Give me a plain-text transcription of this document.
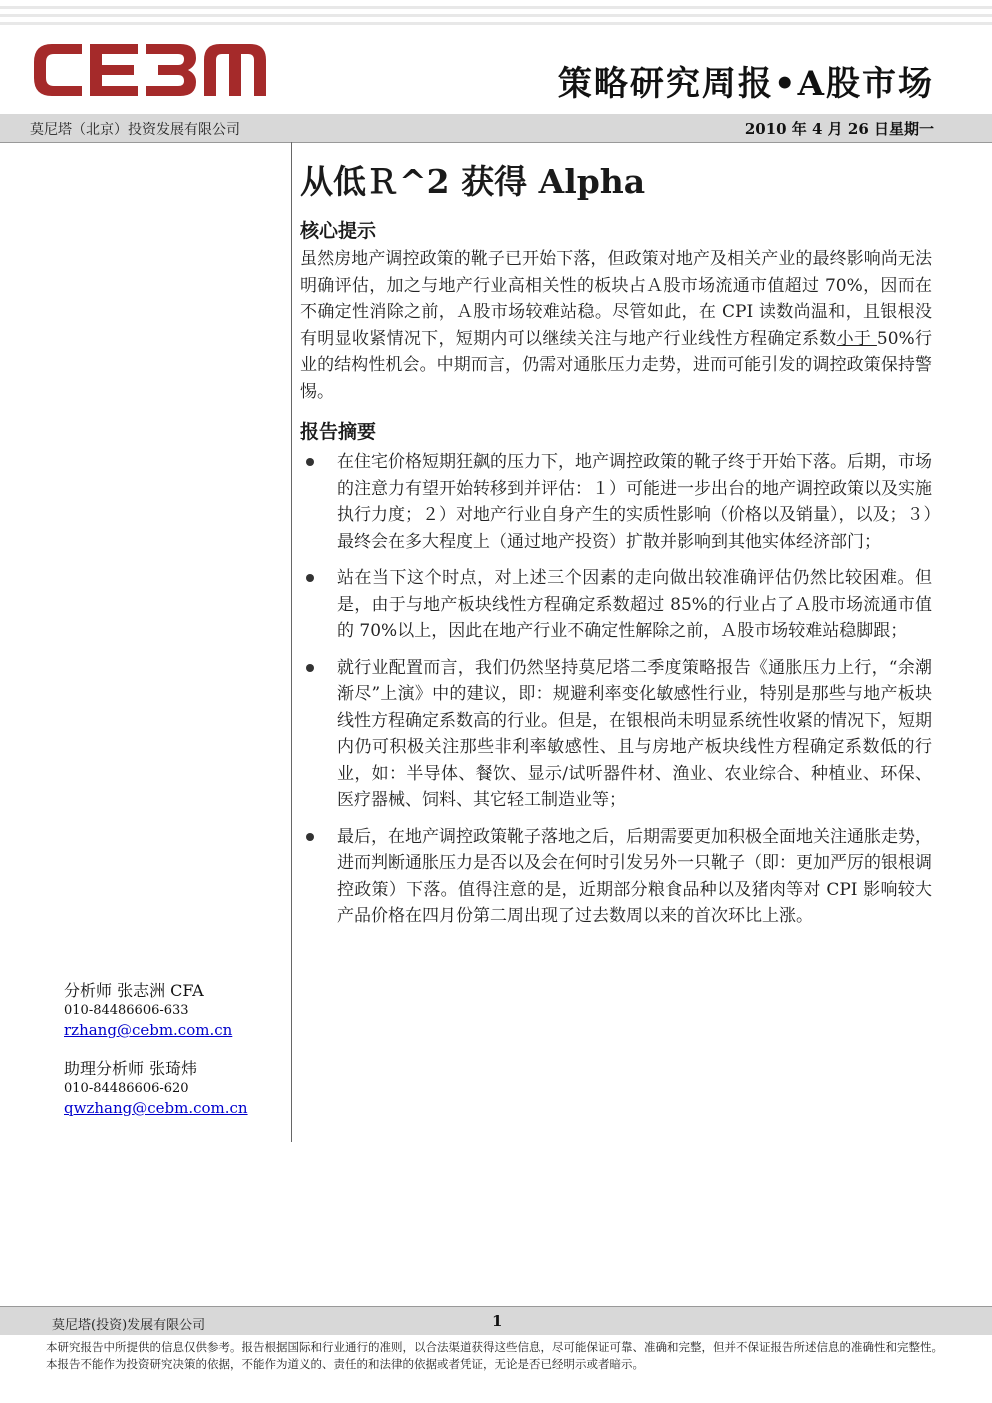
策略研究周报•A股市场
莫尼塔（北京）投资发展有限公司	2010 年 4 月 26 日星期一
从低Ｒ^2 获得 Alpha
核心提示

虽然房地产调控政策的靴子已开始下落，但政策对地产及相关产业的最终影响尚无法明确评估，加之与地产行业高相关性的板块占Ａ股市场流通市值超过 70%，因而在不确定性消除之前，Ａ股市场较难站稳。尽管如此，在 CPI 读数尚温和，且银根没有明显收紧情况下，短期内可以继续关注与地产行业线性方程确定系数小于 50%行业的结构性机会。中期而言，仍需对通胀压力走势，进而可能引发的调控政策保持警惕。

报告摘要
在住宅价格短期狂飙的压力下，地产调控政策的靴子终于开始下落。后期，市场的注意力有望开始转移到并评估：１）可能进一步出台的地产调控政策以及实施执行力度；２）对地产行业自身产生的实质性影响（价格以及销量），以及；３）最终会在多大程度上（通过地产投资）扩散并影响到其他实体经济部门；
站在当下这个时点，对上述三个因素的走向做出较准确评估仍然比较困难。但是，由于与地产板块线性方程确定系数超过 85%的行业占了Ａ股市场流通市值的 70%以上，因此在地产行业不确定性解除之前，Ａ股市场较难站稳脚跟；
就行业配置而言，我们仍然坚持莫尼塔二季度策略报告《通胀压力上行，“余潮渐尽”上演》中的建议，即：规避利率变化敏感性行业，特别是那些与地产板块线性方程确定系数高的行业。但是，在银根尚未明显系统性收紧的情况下，短期内仍可积极关注那些非利率敏感性、且与房地产板块线性方程确定系数低的行业，如：半导体、餐饮、显示/试听器件材、渔业、农业综合、种植业、环保、医疗器械、饲料、其它轻工制造业等；
最后，在地产调控政策靴子落地之后，后期需要更加积极全面地关注通胀走势，进而判断通胀压力是否以及会在何时引发另外一只靴子（即：更加严厉的银根调控政策）下落。值得注意的是，近期部分粮食品种以及猪肉等对 CPI 影响较大产品价格在四月份第二周出现了过去数周以来的首次环比上涨。
分析师 张志洲 CFA
010-84486606-633
rzhang@cebm.com.cn
助理分析师 张琦炜
010-84486606-620
qwzhang@cebm.com.cn
莫尼塔(投资)发展有限公司	1
本研究报告中所提供的信息仅供参考。报告根据国际和行业通行的准则，以合法渠道获得这些信息，尽可能保证可靠、准确和完整，但并不保证报告所述信息的准确性和完整性。本报告不能作为投资研究决策的依据，不能作为道义的、责任的和法律的依据或者凭证，无论是否已经明示或者暗示。
